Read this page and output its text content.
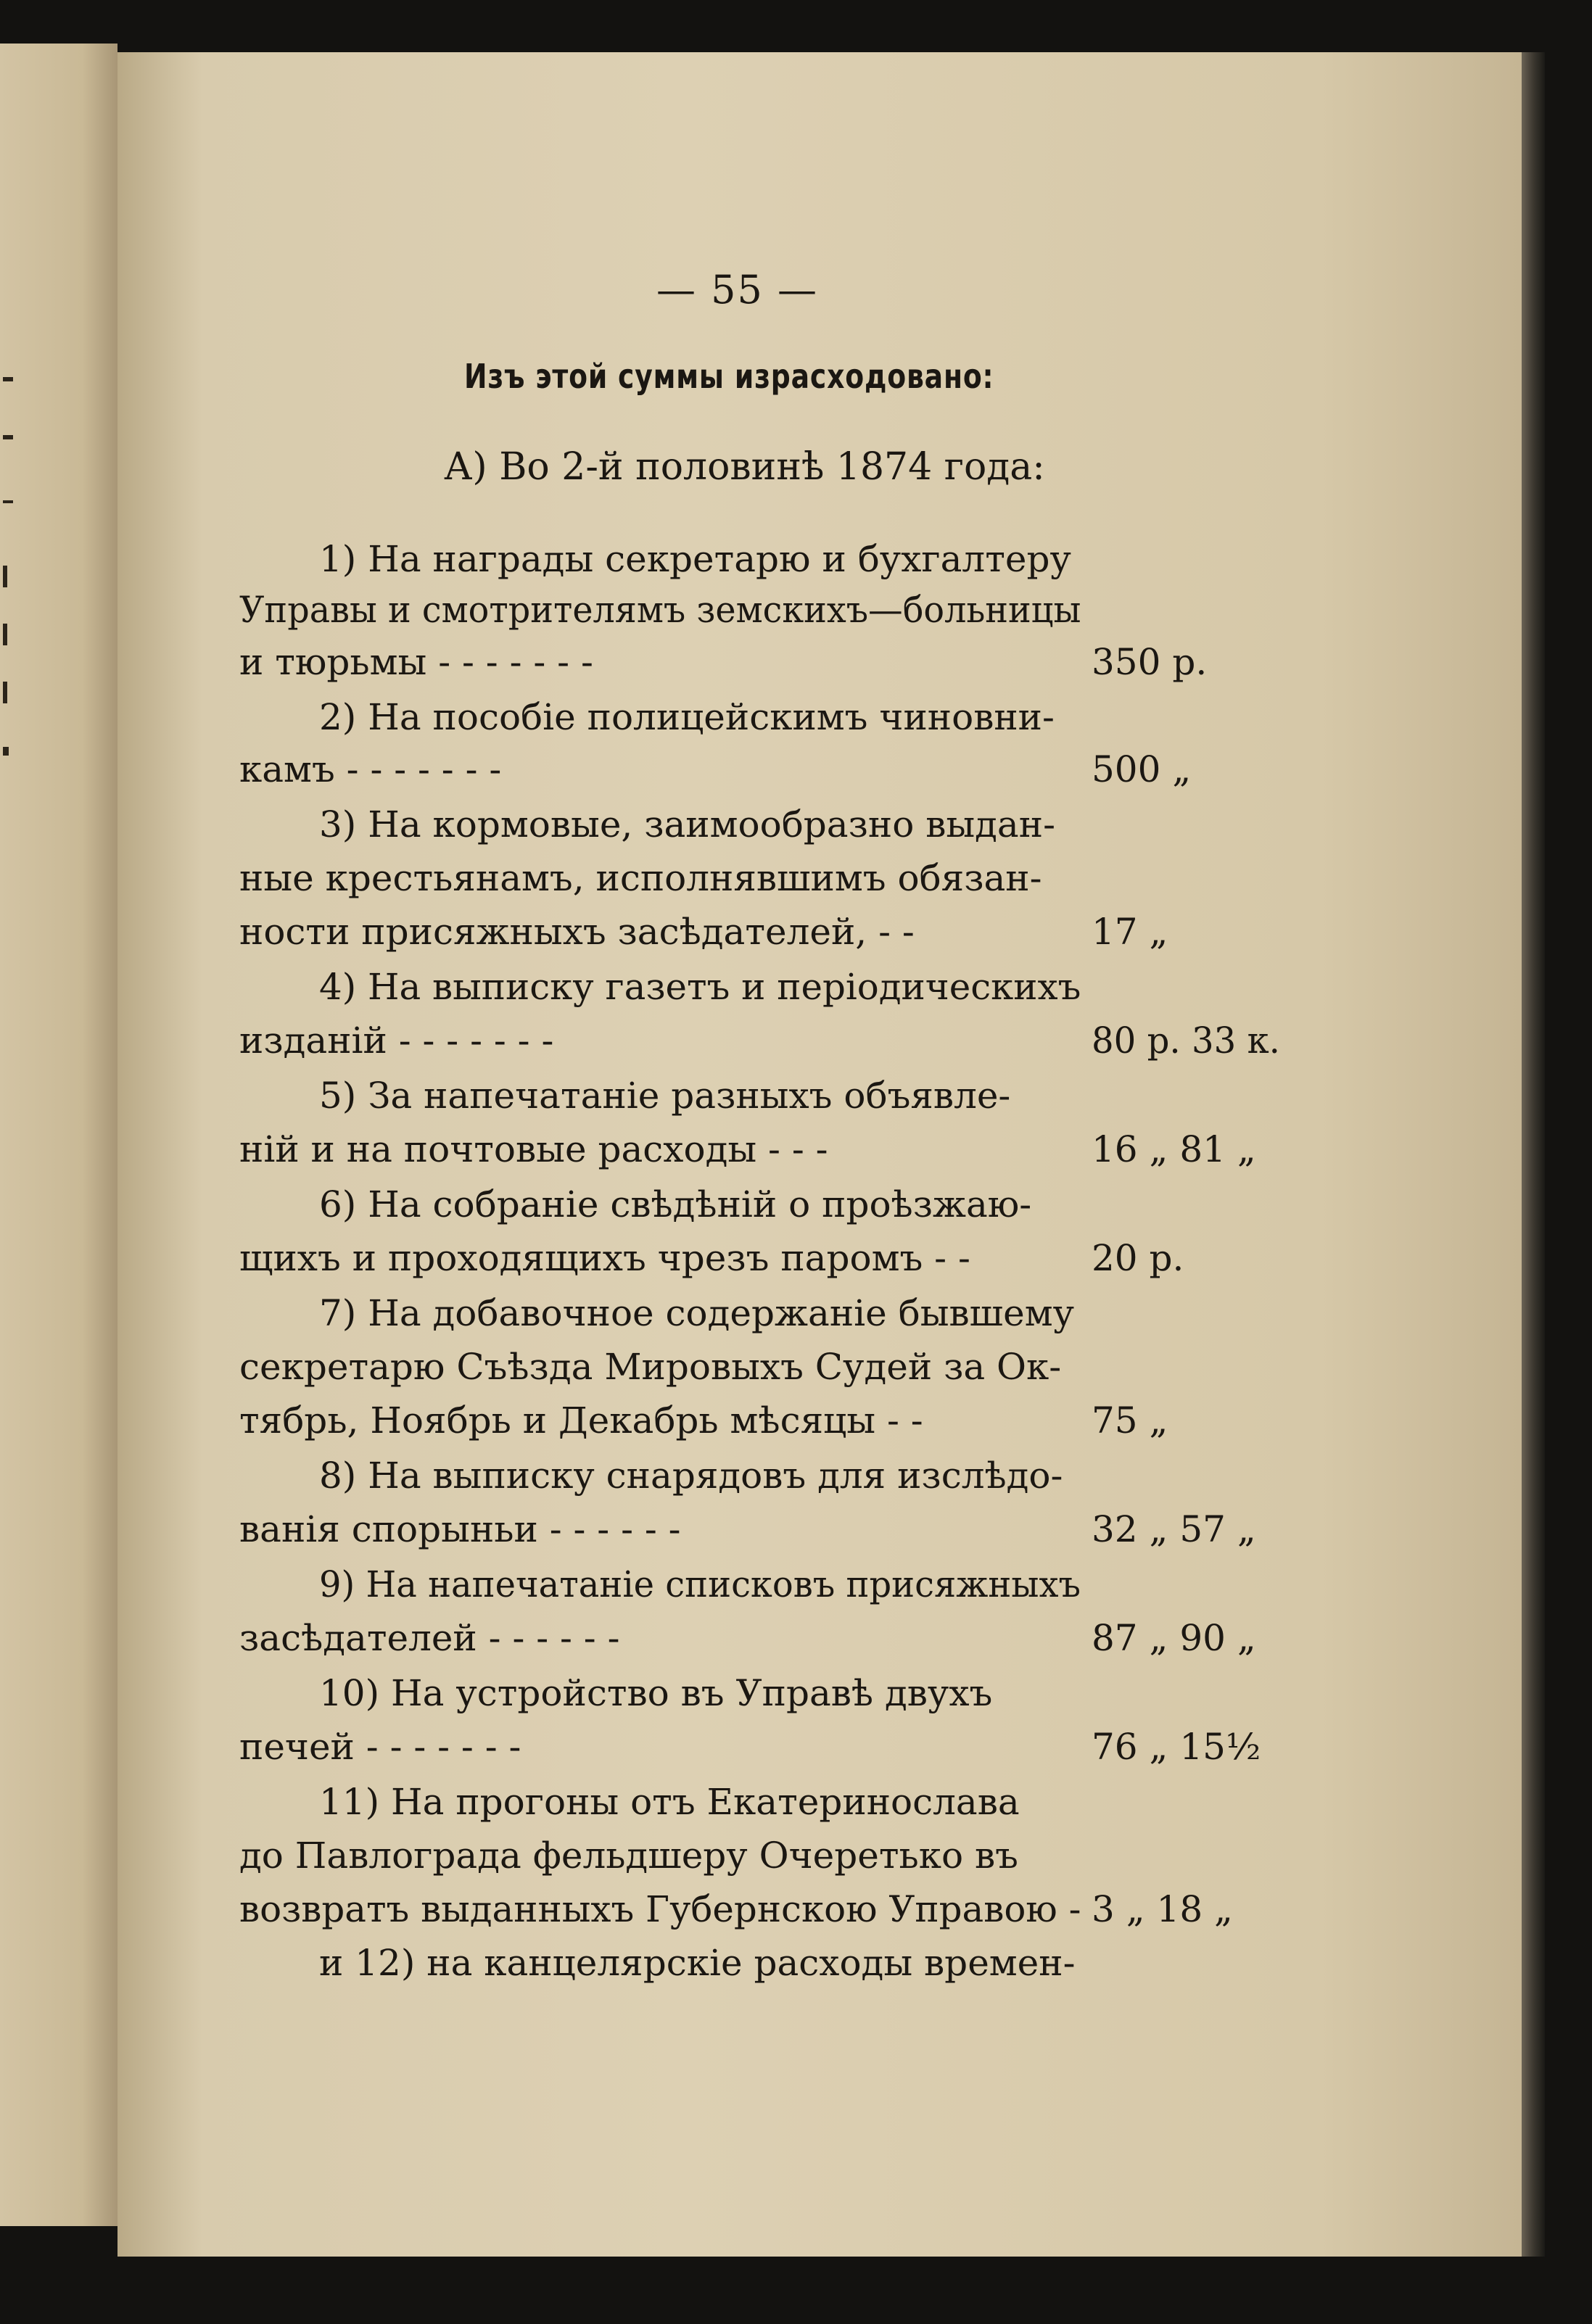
— 55 —
Изъ этой суммы израсходовано:
А) Во 2-й половинѣ 1874 года:
1) На награды секретарю и бухгалтеру
Управы и смотрителямъ земскихъ—больницы
и тюрьмы - - - - - - -	350 р.
2) На пособіе полицейскимъ чиновни-
камъ - - - - - - -	500 „
3) На кормовые, заимообразно выдан-
ные крестьянамъ, исполнявшимъ обязан-
ности присяжныхъ засѣдателей, - -	17 „
4) На выписку газетъ и періодическихъ
изданій - - - - - - -	80 р. 33 к.
5) За напечатаніе разныхъ объявле-
ній и на почтовые расходы - - -	16 „ 81 „
6) На собраніе свѣдѣній о проѣзжаю-
щихъ и проходящихъ чрезъ паромъ - -	20 р.
7) На добавочное содержаніе бывшему
секретарю Съѣзда Мировыхъ Судей за Ок-
тябрь, Ноябрь и Декабрь мѣсяцы - -	75 „
8) На выписку снарядовъ для изслѣдо-
ванія спорыньи - - - - - -	32 „ 57 „
9) На напечатаніе списковъ присяжныхъ
засѣдателей - - - - - -	87 „ 90 „
10) На устройство въ Управѣ двухъ
печей - - - - - - -	76 „ 15½
11) На прогоны отъ Екатеринослава
до Павлограда фельдшеру Очеретько въ
возвратъ выданныхъ Губернскою Управою - 3 „ 18 „
и 12) на канцелярскіе расходы времен-
